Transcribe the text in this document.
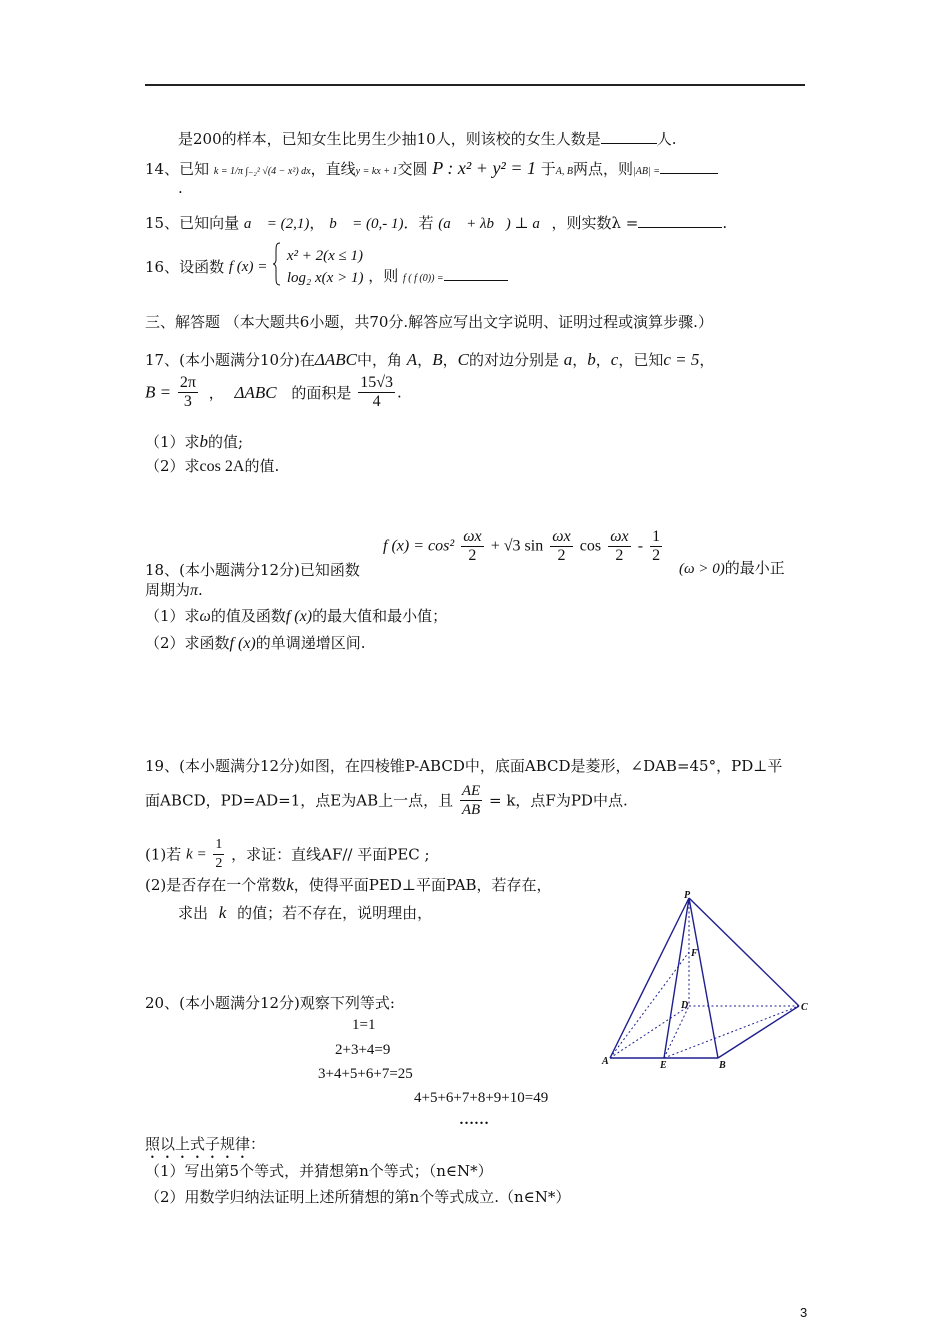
是200的样本，已知女生比男生少抽10人，则该校的女生人数是	人.
14、已知 k = 1/π ∫₋₂² √(4 − x²) dx，直线y = kx + 1交圆 P : x² + y² = 1 于A, B两点，则|AB| =
.
15、已知向量 a⃗ = (2,1)， b⃗ = (0,- 1)．若 (a⃗ + λb⃗) ⊥ a⃗，则实数λ =	.
16、设函数 f (x) =
x² + 2(x ≤ 1)
log₂ x(x > 1) ，则 f ( f (0)) =
三、解答题 （本大题共6小题，共70分.解答应写出文字说明、证明过程或演算步骤.）
17、(本小题满分10分)在ΔABC中，角 A，B，C的对边分别是 a，b，c，已知c = 5，
$B = \frac{2\pi}{3}$ ， ΔABC 的面积是 $\frac{15√3}{4}$ .
（1）求b的值;
（2）求cos 2A的值.
f $(x) = \cos^2 \frac{\omega x}{2} + √3$ $\sin \frac{\omega x}{2}$ $\cos \frac{\omega x}{2} - \frac{1}{2}$
18、(本小题满分12分)已知函数	(ω > 0)的最小正
周期为π.
（1）求ω的值及函数f (x)的最大值和最小值；
（2）求函数f (x)的单调递增区间.
19、(本小题满分12分)如图，在四棱锥P-ABCD中，底面ABCD是菱形，∠DAB=45°，PD⊥平
面ABCD，PD=AD=1，点E为AB上一点，且 $\frac{AE}{AB} = k$，点F为PD中点.
(1)若 $k = \frac{1}{2}$ ，求证：直线AF// 平面PEC ;
(2)是否存在一个常数k，使得平面PED⊥平面PAB，若存在，
求出 k 的值；若不存在，说明理由，
P
F
D	C
A	E	B
20、(本小题满分12分)观察下列等式:
1=1
2+3+4=9
3+4+5+6+7=25
4+5+6+7+8+9+10=49
……
照以上式子规律：
（1）写出第5个等式，并猜想第n个等式；（n∈N*）
（2）用数学归纳法证明上述所猜想的第n个等式成立.（n∈N*）
3
